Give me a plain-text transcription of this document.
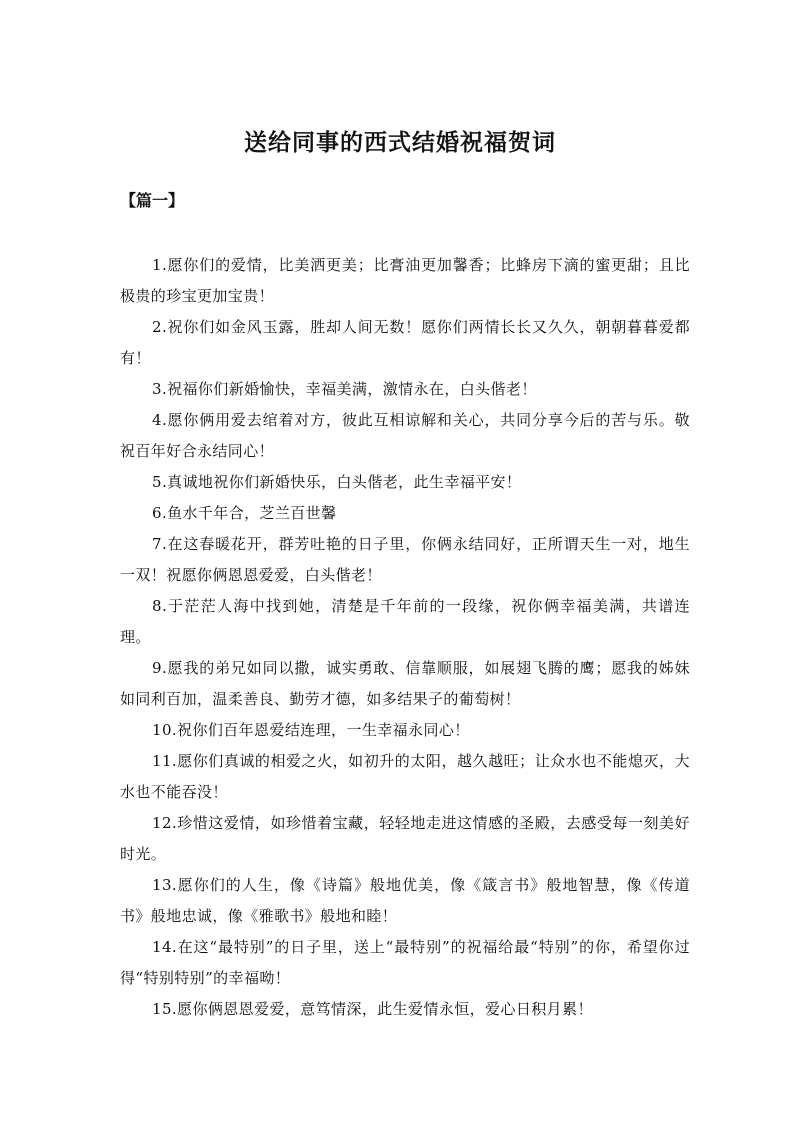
送给同事的西式结婚祝福贺词
【篇一】

1.愿你们的爱情，比美洒更美；比膏油更加馨香；比蜂房下滴的蜜更甜；且比极贵的珍宝更加宝贵！

2.祝你们如金风玉露，胜却人间无数！愿你们两情长长又久久，朝朝暮暮爱都有！

3.祝福你们新婚愉快，幸福美满，激情永在，白头偕老！

4.愿你俩用爱去绾着对方，彼此互相谅解和关心，共同分享今后的苦与乐。敬祝百年好合永结同心！

5.真诚地祝你们新婚快乐，白头偕老，此生幸福平安！

6.鱼水千年合，芝兰百世馨

7.在这春暖花开，群芳吐艳的日子里，你俩永结同好，正所谓天生一对，地生一双！祝愿你俩恩恩爱爱，白头偕老！

8.于茫茫人海中找到她，清楚是千年前的一段缘，祝你俩幸福美满，共谱连理。

9.愿我的弟兄如同以撒，诚实勇敢、信靠顺服，如展翅飞腾的鹰；愿我的姊妹如同利百加，温柔善良、勤劳才德，如多结果子的葡萄树！

10.祝你们百年恩爱结连理，一生幸福永同心！

11.愿你们真诚的相爱之火，如初升的太阳，越久越旺；让众水也不能熄灭，大水也不能吞没！

12.珍惜这爱情，如珍惜着宝藏，轻轻地走进这情感的圣殿，去感受每一刻美好时光。

13.愿你们的人生，像《诗篇》般地优美，像《箴言书》般地智慧，像《传道书》般地忠诚，像《雅歌书》般地和睦！

14.在这“最特别”的日子里，送上“最特别”的祝福给最“特别”的你，希望你过得“特别特别”的幸福呦！

15.愿你俩恩恩爱爱，意笃情深，此生爱情永恒，爱心日积月累！
